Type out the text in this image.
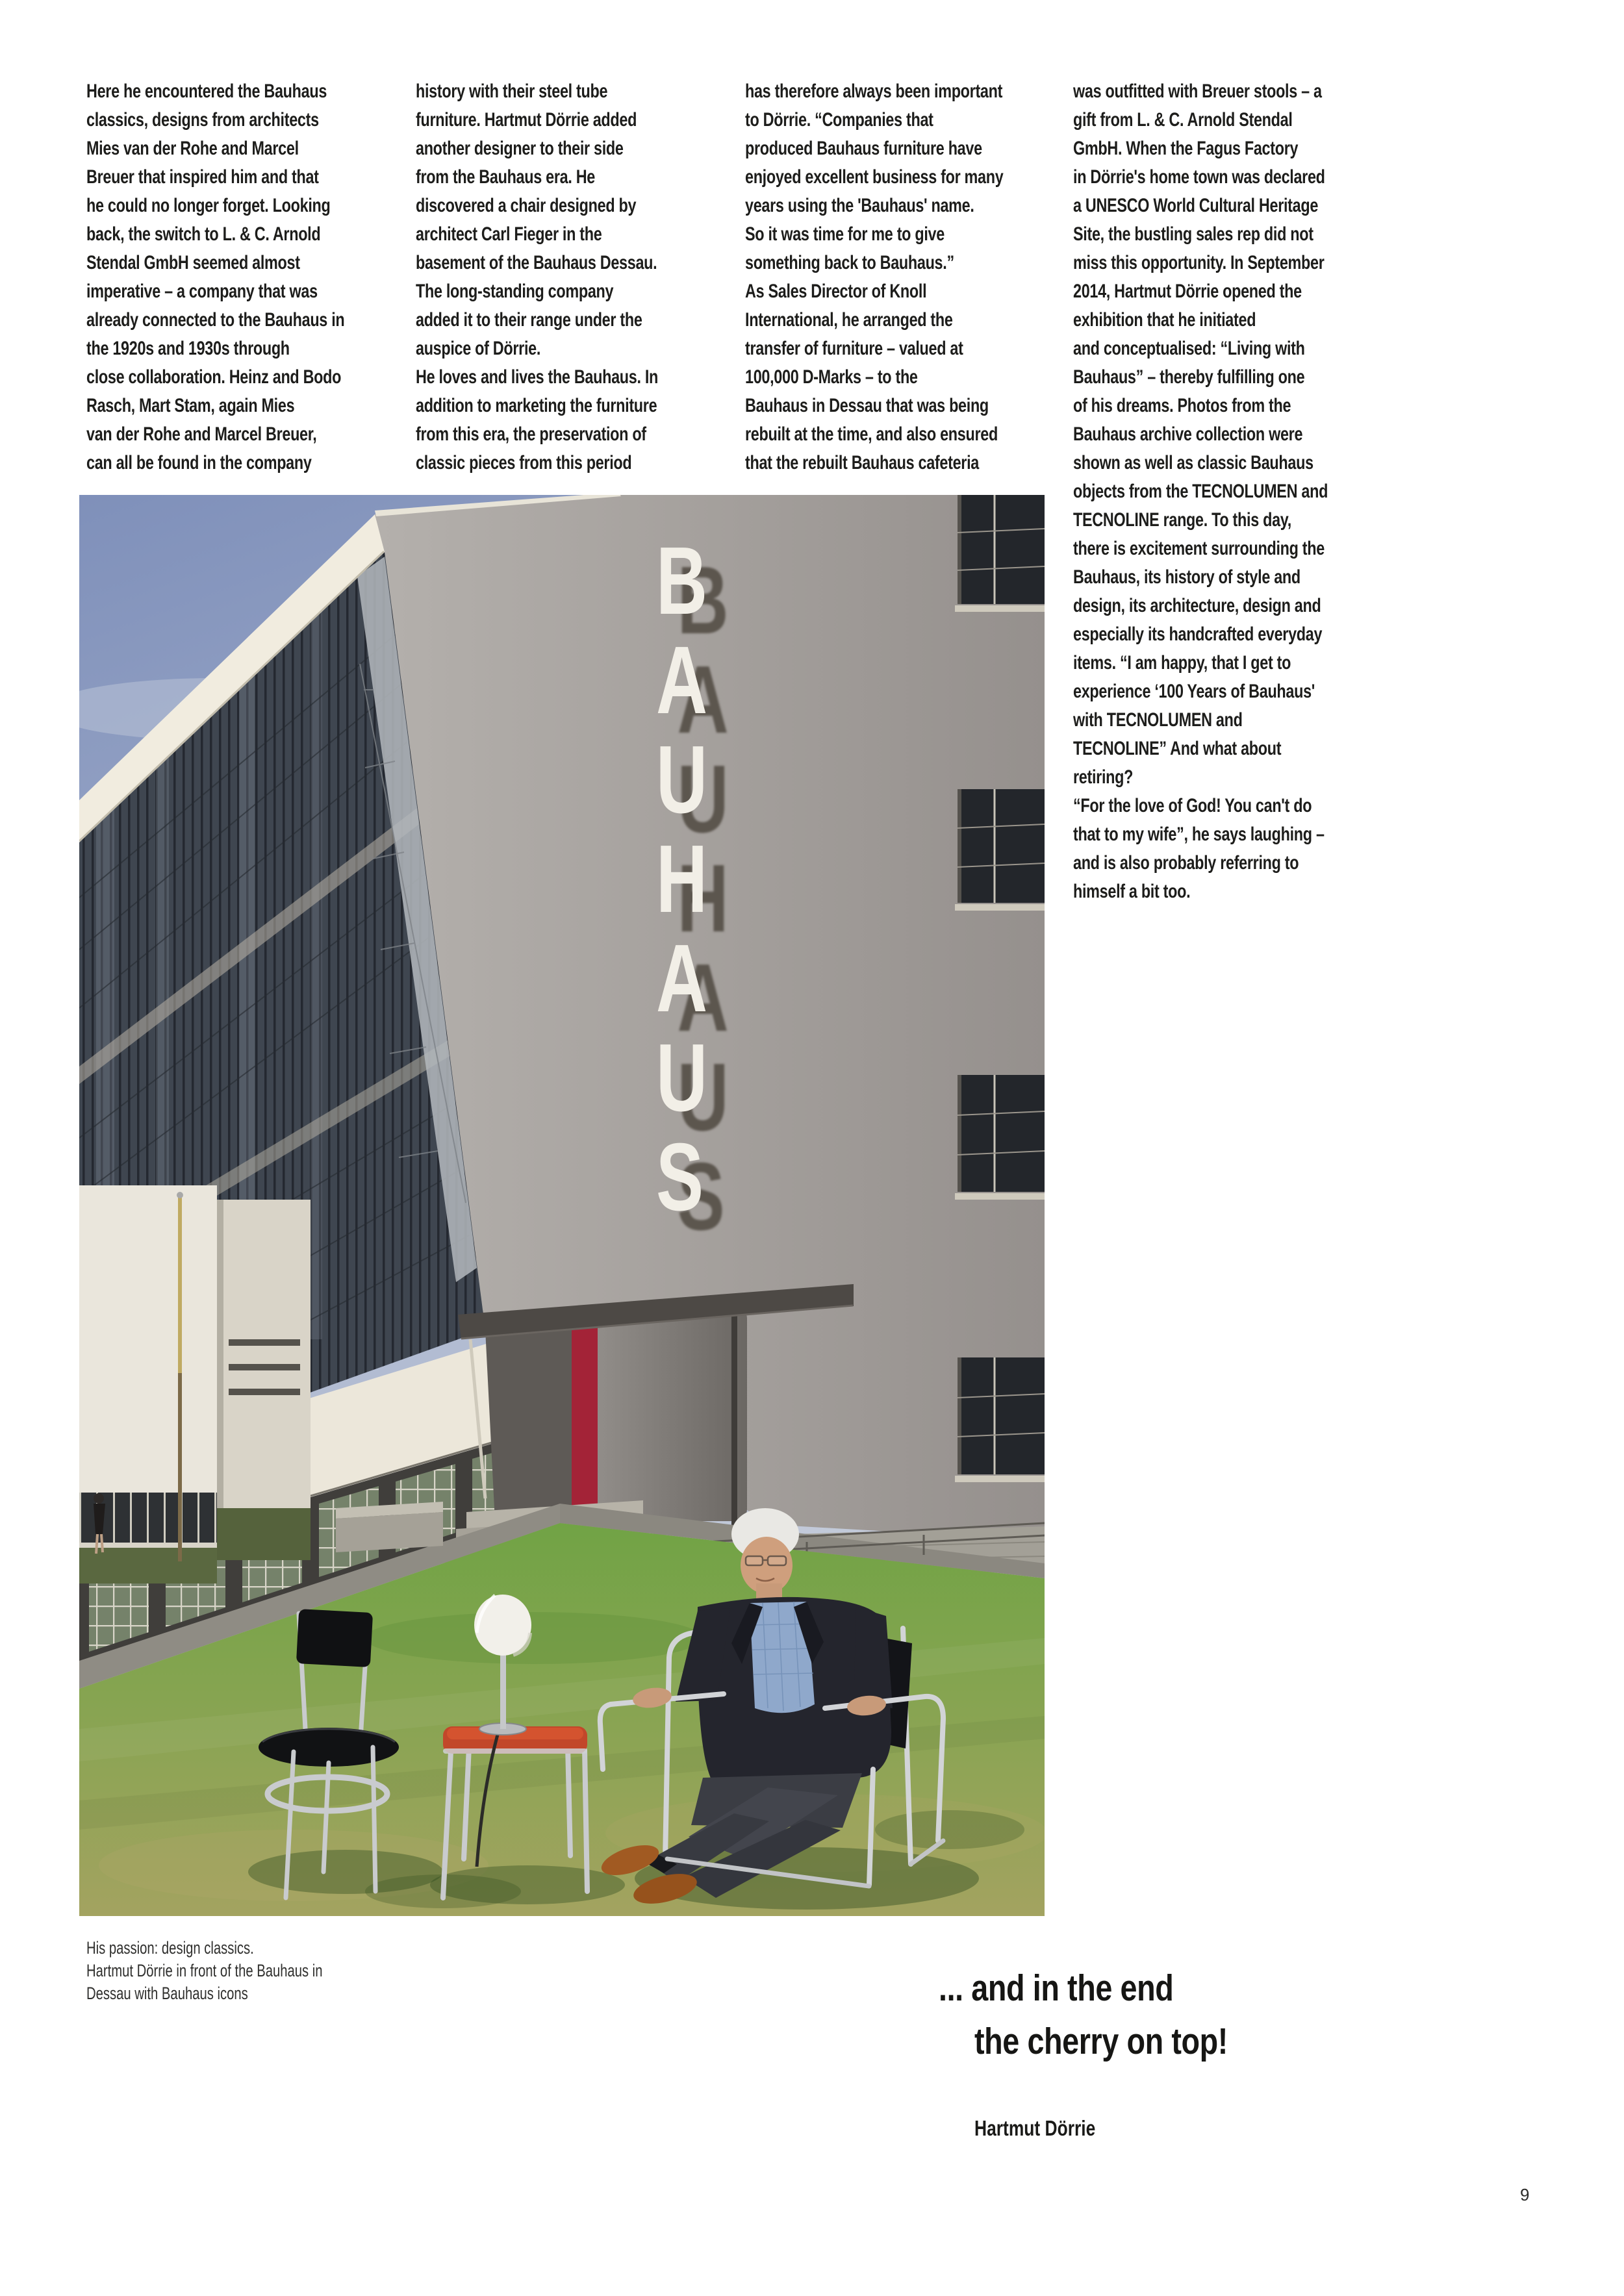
Here he encountered the Bauhaus
classics, designs from architects
Mies van der Rohe and Marcel
Breuer that inspired him and that
he could no longer forget. Looking
back, the switch to L. & C. Arnold
Stendal GmbH seemed almost
imperative – a company that was
already connected to the Bauhaus in
the 1920s and 1930s through
close collaboration. Heinz and Bodo
Rasch, Mart Stam, again Mies
van der Rohe and Marcel Breuer,
can all be found in the company
history with their steel tube
furniture. Hartmut Dörrie added
another designer to their side
from the Bauhaus era. He
discovered a chair designed by
architect Carl Fieger in the
basement of the Bauhaus Dessau.
The long-standing company
added it to their range under the
auspice of Dörrie.
He loves and lives the Bauhaus. In
addition to marketing the furniture
from this era, the preservation of
classic pieces from this period
has therefore always been important
to Dörrie. “Companies that
produced Bauhaus furniture have
enjoyed excellent business for many
years using the 'Bauhaus' name.
So it was time for me to give
something back to Bauhaus.”
As Sales Director of Knoll
International, he arranged the
transfer of furniture – valued at
100,000 D-Marks – to the
Bauhaus in Dessau that was being
rebuilt at the time, and also ensured
that the rebuilt Bauhaus cafeteria
was outfitted with Breuer stools – a
gift from L. & C. Arnold Stendal
GmbH. When the Fagus Factory
in Dörrie's home town was declared
a UNESCO World Cultural Heritage
Site, the bustling sales rep did not
miss this opportunity. In September
2014, Hartmut Dörrie opened the
exhibition that he initiated
and conceptualised: “Living with
Bauhaus” – thereby fulfilling one
of his dreams. Photos from the
Bauhaus archive collection were
shown as well as classic Bauhaus
objects from the TECNOLUMEN and
TECNOLINE range. To this day,
there is excitement surrounding the
Bauhaus, its history of style and
design, its architecture, design and
especially its handcrafted everyday
items. “I am happy, that I get to
experience ‘100 Years of Bauhaus'
with TECNOLUMEN and
TECNOLINE” And what about
retiring?
“For the love of God! You can't do
that to my wife”, he says laughing –
and is also probably referring to
himself a bit too.
B
A
U
H
A
U
S
His passion: design classics.
Hartmut Dörrie in front of the Bauhaus in
Dessau with Bauhaus icons	... and in the end
the cherry on top!
Hartmut Dörrie
9
